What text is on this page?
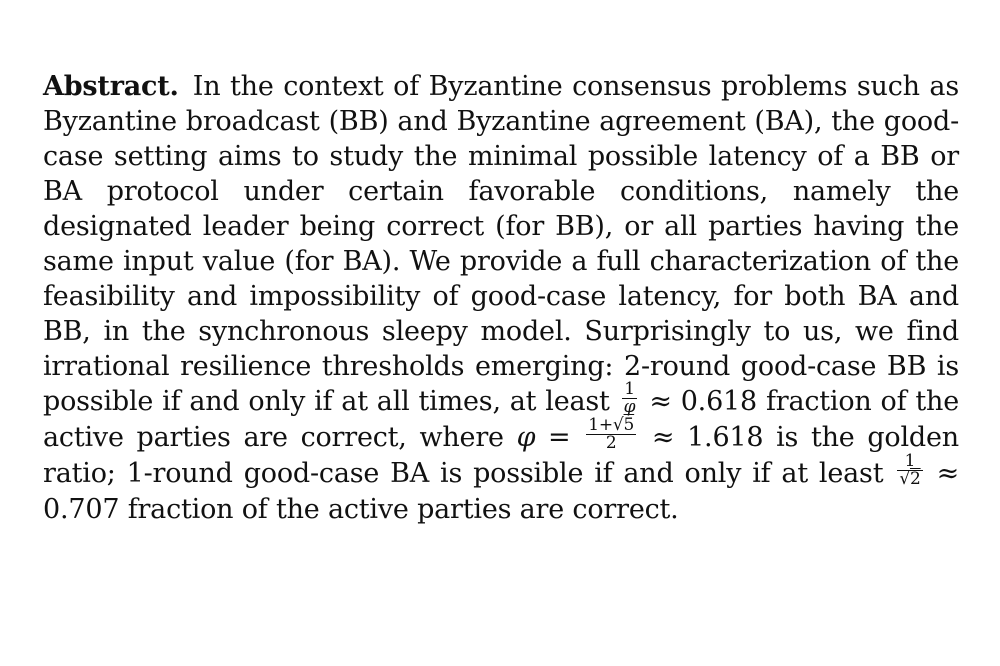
Abstract. In the context of Byzantine consensus problems such as Byzantine broadcast (BB) and Byzantine agreement (BA), the good-case setting aims to study the minimal possible latency of a BB or BA protocol under certain favorable conditions, namely the designated leader being correct (for BB), or all parties having the same input value (for BA). We provide a full characterization of the feasibility and impossibility of good-case latency, for both BA and BB, in the synchronous sleepy model. Surprisingly to us, we find irrational resilience thresholds emerging: 2-round good-case BB is possible if and only if at all times, at least $\frac{1}{\varphi} \approx 0.618$ fraction of the active parties are correct, where $\varphi = \frac{1+√5}{2} \approx 1.618$ is the golden ratio; 1-round good-case BA is possible if and only if at least $\frac{1}{√2} \approx 0.707$ fraction of the active parties are correct.
